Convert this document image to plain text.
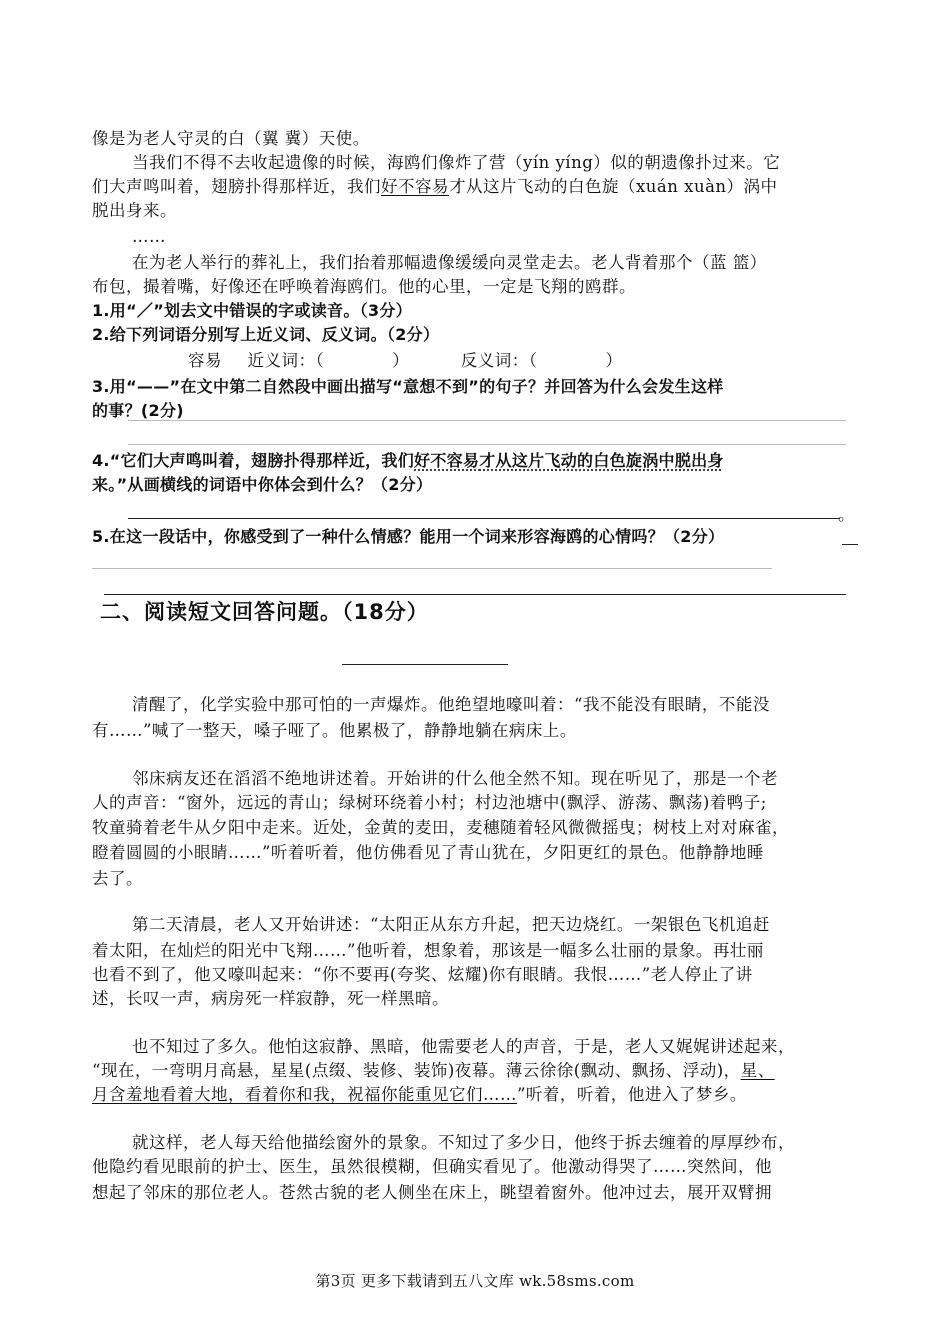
像是为老人守灵的白（翼 冀）天使。
当我们不得不去收起遗像的时候，海鸥们像炸了营（yín yíng）似的朝遗像扑过来。它
们大声鸣叫着，翅膀扑得那样近，我们好不容易才从这片飞动的白色旋（xuán xuàn）涡中
脱出身来。
……
在为老人举行的葬礼上，我们抬着那幅遗像缓缓向灵堂走去。老人背着那个（蓝 篮）
布包，撮着嘴，好像还在呼唤着海鸥们。他的心里，一定是飞翔的鸥群。
1.用“／”划去文中错误的字或读音。（3分）
2.给下列词语分别写上近义词、反义词。（2分）
容易 近义词：（　　　　）	反义词：（　　　　）
3.用“——”在文中第二自然段中画出描写“意想不到”的句子？并回答为什么会发生这样
的事？(2分)
4.“它们大声鸣叫着，翅膀扑得那样近，我们好不容易才从这片飞动的白色旋涡中脱出身
来。”从画横线的词语中你体会到什么？（2分）
。
5.在这一段话中，你感受到了一种什么情感？能用一个词来形容海鸥的心情吗？（2分）
二、阅读短文回答问题。（18分）
清醒了，化学实验中那可怕的一声爆炸。他绝望地嚎叫着：“我不能没有眼睛，不能没
有……”喊了一整天，嗓子哑了。他累极了，静静地躺在病床上。
邻床病友还在滔滔不绝地讲述着。开始讲的什么他全然不知。现在听见了，那是一个老
人的声音：“窗外，远远的青山；绿树环绕着小村；村边池塘中(飘浮、游荡、飘荡)着鸭子;
牧童骑着老牛从夕阳中走来。近处，金黄的麦田，麦穗随着轻风微微摇曳；树枝上对对麻雀，
瞪着圆圆的小眼睛……”听着听着，他仿佛看见了青山犹在，夕阳更红的景色。他静静地睡
去了。
第二天清晨，老人又开始讲述：“太阳正从东方升起，把天边烧红。一架银色飞机追赶
着太阳，在灿烂的阳光中飞翔……”他听着，想象着，那该是一幅多么壮丽的景象。再壮丽
也看不到了，他又嚎叫起来：“你不要再(夸奖、炫耀)你有眼睛。我恨……”老人停止了讲
述，长叹一声，病房死一样寂静，死一样黑暗。
也不知过了多久。他怕这寂静、黑暗，他需要老人的声音，于是，老人又娓娓讲述起来，
“现在，一弯明月高悬，星星(点缀、装修、装饰)夜幕。薄云徐徐(飘动、飘扬、浮动)，星、
月含羞地看着大地，看着你和我，祝福你能重见它们……”听着，听着，他进入了梦乡。
就这样，老人每天给他描绘窗外的景象。不知过了多少日，他终于拆去缠着的厚厚纱布，
他隐约看见眼前的护士、医生，虽然很模糊，但确实看见了。他激动得哭了……突然间，他
想起了邻床的那位老人。苍然古貌的老人侧坐在床上，眺望着窗外。他冲过去，展开双臂拥
第3页 更多下载请到五八文库 wk.58sms.com
